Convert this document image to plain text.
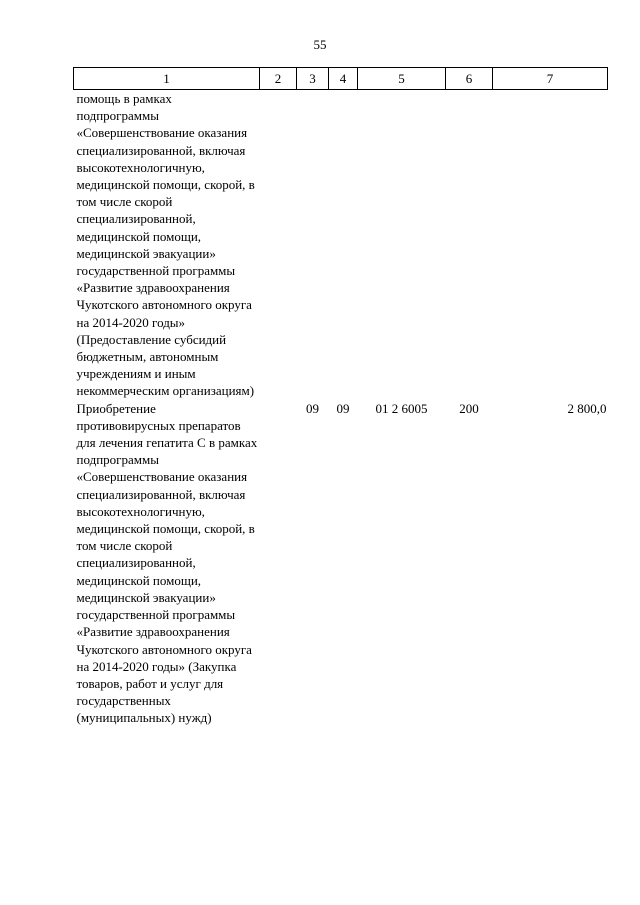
55
1	2	3	4	5	6	7
помощь в рамках подпрограммы «Совершенствование оказания специализированной, включая высокотехнологичную, медицинской помощи, скорой, в том числе скорой специализированной, медицинской помощи, медицинской эвакуации» государственной программы «Развитие здравоохранения Чукотского автономного округа на 2014-2020 годы» (Предоставление субсидий бюджетным, автономным учреждениям и иным некоммерческим организациям)						
Приобретение противовирусных препаратов для лечения гепатита С в рамках подпрограммы «Совершенствование оказания специализированной, включая высокотехнологичную, медицинской помощи, скорой, в том числе скорой специализированной, медицинской помощи, медицинской эвакуации» государственной программы «Развитие здравоохранения Чукотского автономного округа на 2014-2020 годы» (Закупка товаров, работ и услуг для государственных (муниципальных) нужд)		09	09	01 2 6005	200	2 800,0
